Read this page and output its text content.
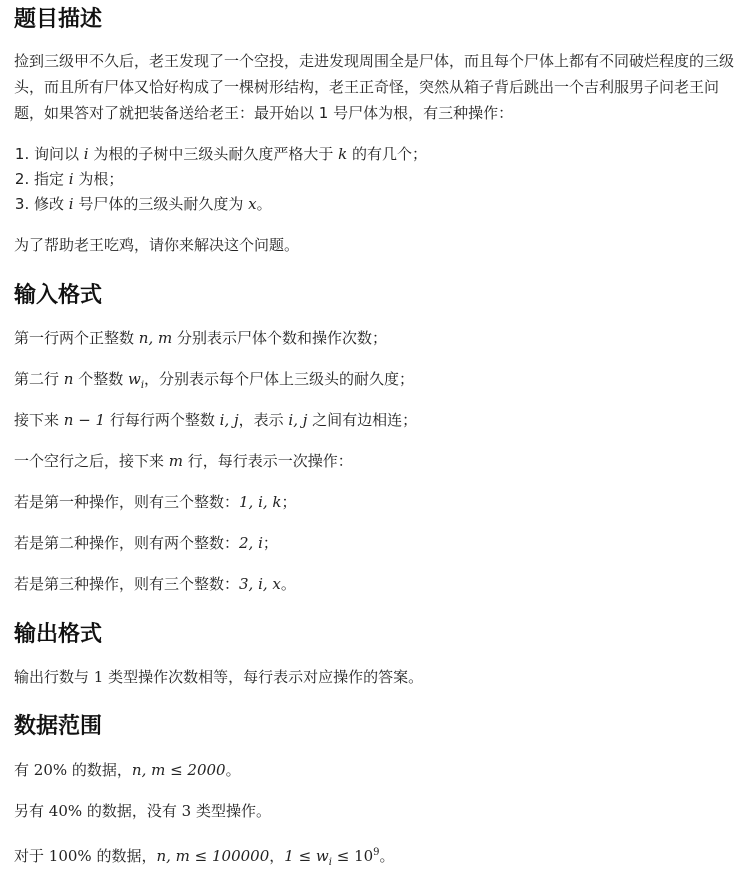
题目描述

捡到三级甲不久后，老王发现了一个空投，走进发现周围全是尸体，而且每个尸体上都有不同破烂程度的三级头，而且所有尸体又恰好构成了一棵树形结构，老王正奇怪，突然从箱子背后跳出一个吉利服男子问老王问题，如果答对了就把装备送给老王：最开始以 1 号尸体为根，有三种操作：

1. 询问以 i 为根的子树中三级头耐久度严格大于 k 的有几个；
2. 指定 i 为根；
3. 修改 i 号尸体的三级头耐久度为 x。

为了帮助老王吃鸡，请你来解决这个问题。

输入格式

第一行两个正整数 n, m 分别表示尸体个数和操作次数；

第二行 n 个整数 $w_i$，分别表示每个尸体上三级头的耐久度；

接下来 n − 1 行每行两个整数 i, j，表示 i, j 之间有边相连；

一个空行之后，接下来 m 行，每行表示一次操作：

若是第一种操作，则有三个整数：1, i, k；

若是第二种操作，则有两个整数：2, i；

若是第三种操作，则有三个整数：3, i, x。

输出格式

输出行数与 1 类型操作次数相等，每行表示对应操作的答案。

数据范围

有 20% 的数据，n, m ≤ 2000。

另有 40% 的数据，没有 3 类型操作。

对于 100% 的数据，n, m ≤ 100000，$1 \le w_i \le 10^9$。
